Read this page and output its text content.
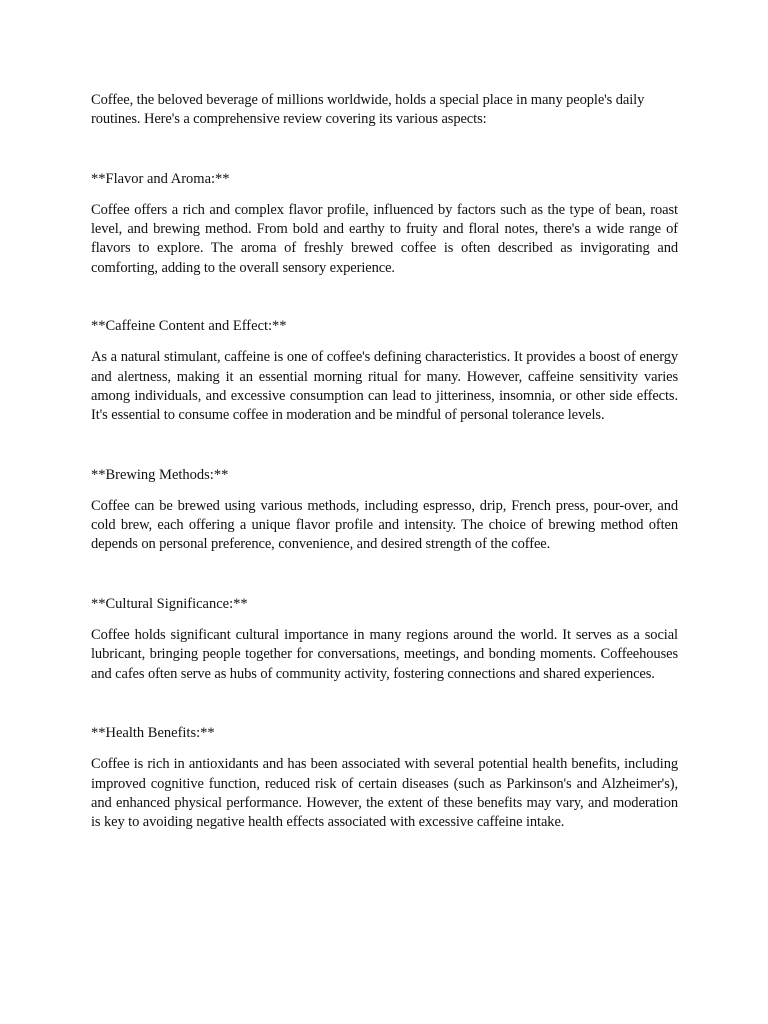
Coffee, the beloved beverage of millions worldwide, holds a special place in many people's daily routines. Here's a comprehensive review covering its various aspects:

**Flavor and Aroma:**

Coffee offers a rich and complex flavor profile, influenced by factors such as the type of bean, roast level, and brewing method. From bold and earthy to fruity and floral notes, there's a wide range of flavors to explore. The aroma of freshly brewed coffee is often described as invigorating and comforting, adding to the overall sensory experience.

**Caffeine Content and Effect:**

As a natural stimulant, caffeine is one of coffee's defining characteristics. It provides a boost of energy and alertness, making it an essential morning ritual for many. However, caffeine sensitivity varies among individuals, and excessive consumption can lead to jitteriness, insomnia, or other side effects. It's essential to consume coffee in moderation and be mindful of personal tolerance levels.

**Brewing Methods:**

Coffee can be brewed using various methods, including espresso, drip, French press, pour-over, and cold brew, each offering a unique flavor profile and intensity. The choice of brewing method often depends on personal preference, convenience, and desired strength of the coffee.

**Cultural Significance:**

Coffee holds significant cultural importance in many regions around the world. It serves as a social lubricant, bringing people together for conversations, meetings, and bonding moments. Coffeehouses and cafes often serve as hubs of community activity, fostering connections and shared experiences.

**Health Benefits:**

Coffee is rich in antioxidants and has been associated with several potential health benefits, including improved cognitive function, reduced risk of certain diseases (such as Parkinson's and Alzheimer's), and enhanced physical performance. However, the extent of these benefits may vary, and moderation is key to avoiding negative health effects associated with excessive caffeine intake.
